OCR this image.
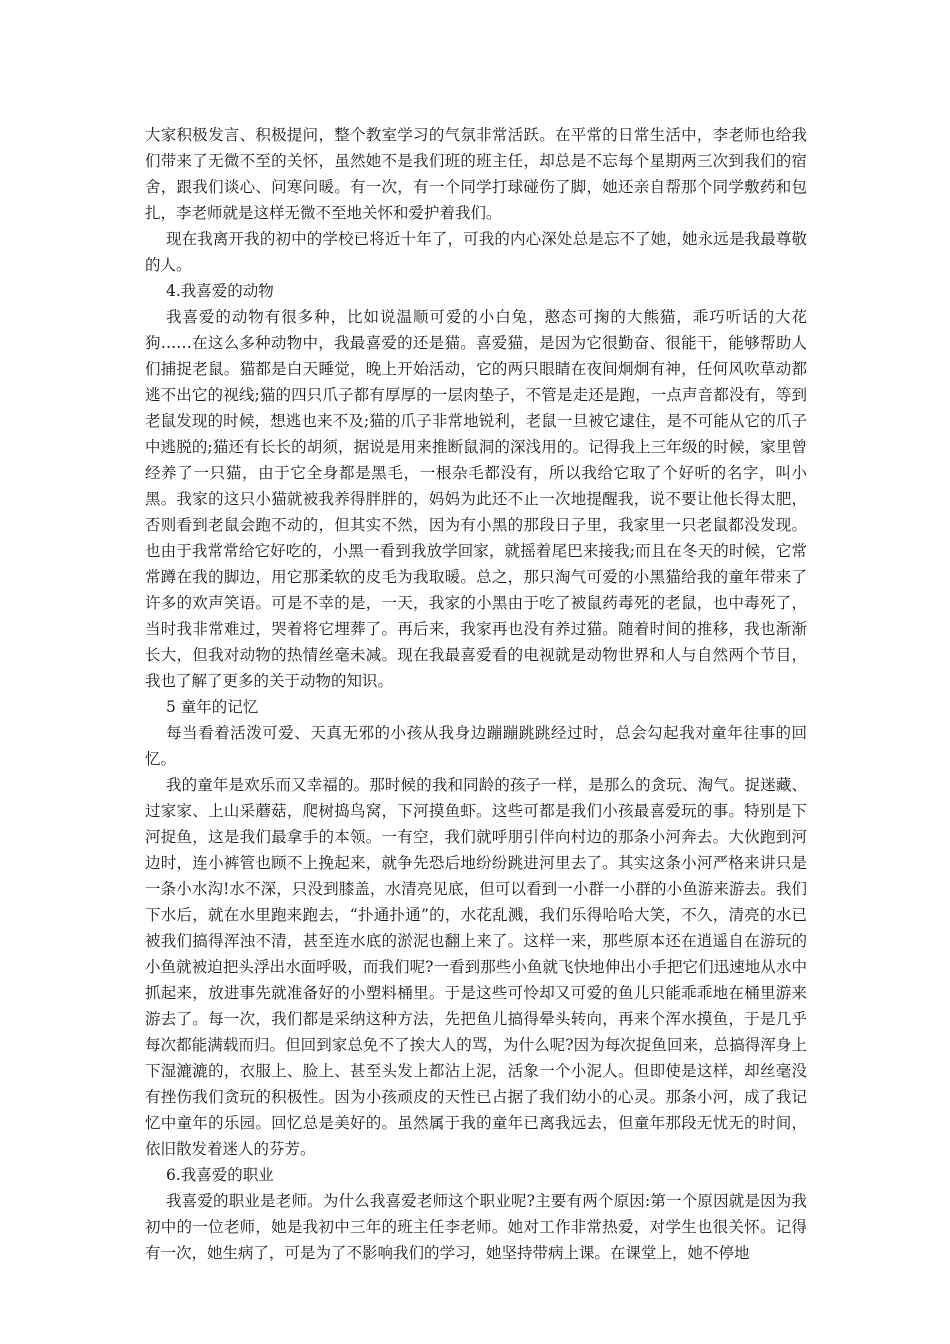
大家积极发言、积极提问，整个教室学习的气氛非常活跃。在平常的日常生活中，李老师也给我们带来了无微不至的关怀，虽然她不是我们班的班主任，却总是不忘每个星期两三次到我们的宿舍，跟我们谈心、问寒问暖。有一次，有一个同学打球碰伤了脚，她还亲自帮那个同学敷药和包扎，李老师就是这样无微不至地关怀和爱护着我们。

现在我离开我的初中的学校已将近十年了，可我的内心深处总是忘不了她，她永远是我最尊敬的人。

4.我喜爱的动物

我喜爱的动物有很多种，比如说温顺可爱的小白兔，憨态可掬的大熊猫，乖巧听话的大花狗……在这么多种动物中，我最喜爱的还是猫。喜爱猫，是因为它很勤奋、很能干，能够帮助人们捕捉老鼠。猫都是白天睡觉，晚上开始活动，它的两只眼睛在夜间炯炯有神，任何风吹草动都逃不出它的视线;猫的四只爪子都有厚厚的一层肉垫子，不管是走还是跑，一点声音都没有，等到老鼠发现的时候，想逃也来不及;猫的爪子非常地锐利，老鼠一旦被它逮住，是不可能从它的爪子中逃脱的;猫还有长长的胡须，据说是用来推断鼠洞的深浅用的。记得我上三年级的时候，家里曾经养了一只猫，由于它全身都是黑毛，一根杂毛都没有，所以我给它取了个好听的名字，叫小黑。我家的这只小猫就被我养得胖胖的，妈妈为此还不止一次地提醒我，说不要让他长得太肥，否则看到老鼠会跑不动的，但其实不然，因为有小黑的那段日子里，我家里一只老鼠都没发现。也由于我常常给它好吃的，小黑一看到我放学回家，就摇着尾巴来接我;而且在冬天的时候，它常常蹲在我的脚边，用它那柔软的皮毛为我取暖。总之，那只淘气可爱的小黑猫给我的童年带来了许多的欢声笑语。可是不幸的是，一天，我家的小黑由于吃了被鼠药毒死的老鼠，也中毒死了，当时我非常难过，哭着将它埋葬了。再后来，我家再也没有养过猫。随着时间的推移，我也渐渐长大，但我对动物的热情丝毫未减。现在我最喜爱看的电视就是动物世界和人与自然两个节目，我也了解了更多的关于动物的知识。

5 童年的记忆

每当看着活泼可爱、天真无邪的小孩从我身边蹦蹦跳跳经过时，总会勾起我对童年往事的回忆。

我的童年是欢乐而又幸福的。那时候的我和同龄的孩子一样，是那么的贪玩、淘气。捉迷藏、过家家、上山采蘑菇，爬树捣鸟窝，下河摸鱼虾。这些可都是我们小孩最喜爱玩的事。特别是下河捉鱼，这是我们最拿手的本领。一有空，我们就呼朋引伴向村边的那条小河奔去。大伙跑到河边时，连小裤管也顾不上挽起来，就争先恐后地纷纷跳进河里去了。其实这条小河严格来讲只是一条小水沟!水不深，只没到膝盖，水清亮见底，但可以看到一小群一小群的小鱼游来游去。我们下水后，就在水里跑来跑去，“扑通扑通”的，水花乱溅，我们乐得哈哈大笑，不久，清亮的水已被我们搞得浑浊不清，甚至连水底的淤泥也翻上来了。这样一来，那些原本还在逍遥自在游玩的小鱼就被迫把头浮出水面呼吸，而我们呢?一看到那些小鱼就飞快地伸出小手把它们迅速地从水中抓起来，放进事先就准备好的小塑料桶里。于是这些可怜却又可爱的鱼儿只能乖乖地在桶里游来游去了。每一次，我们都是采纳这种方法，先把鱼儿搞得晕头转向，再来个浑水摸鱼，于是几乎每次都能满载而归。但回到家总免不了挨大人的骂，为什么呢?因为每次捉鱼回来，总搞得浑身上下湿漉漉的，衣服上、脸上、甚至头发上都沾上泥，活象一个小泥人。但即使是这样，却丝毫没有挫伤我们贪玩的积极性。因为小孩顽皮的天性已占据了我们幼小的心灵。那条小河，成了我记忆中童年的乐园。回忆总是美好的。虽然属于我的童年已离我远去，但童年那段无忧无的时间，依旧散发着迷人的芬芳。

6.我喜爱的职业

我喜爱的职业是老师。为什么我喜爱老师这个职业呢?主要有两个原因:第一个原因就是因为我初中的一位老师，她是我初中三年的班主任李老师。她对工作非常热爱，对学生也很关怀。记得有一次，她生病了，可是为了不影响我们的学习，她坚持带病上课。在课堂上，她不停地
